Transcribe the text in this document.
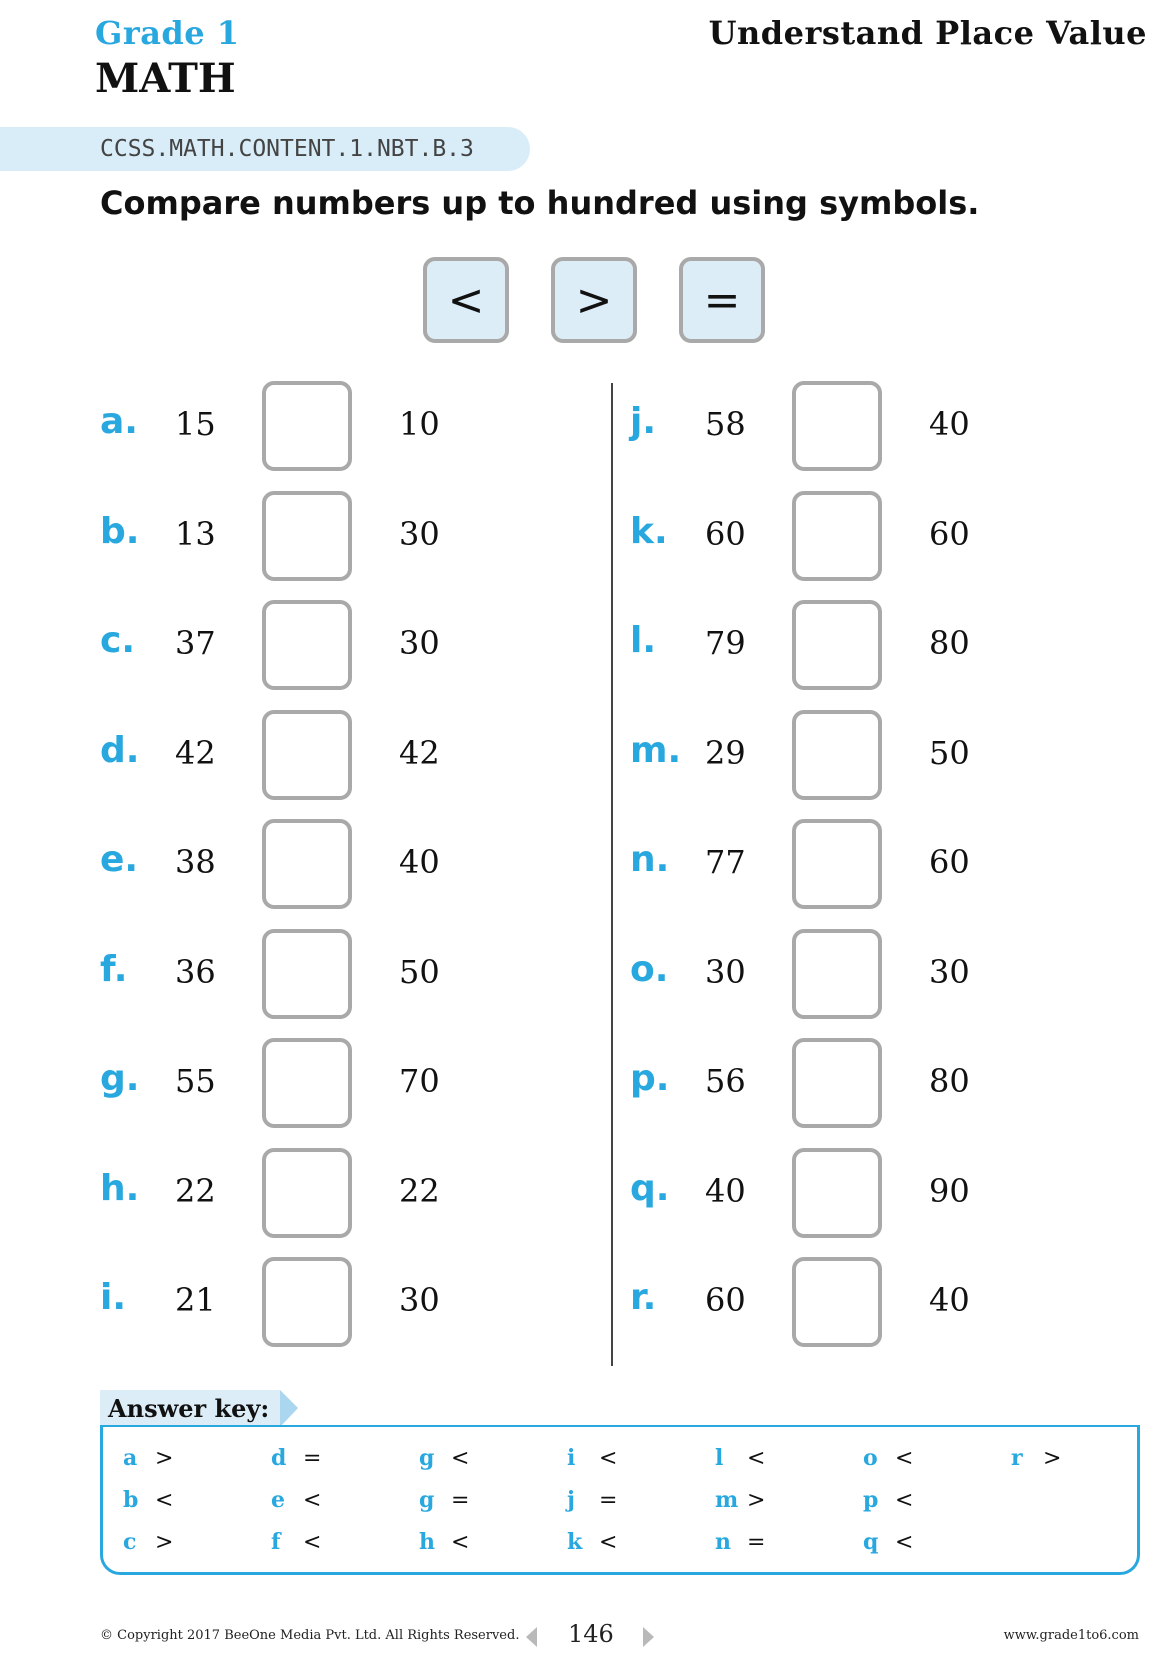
Grade 1
MATH
Understand Place Value
CCSS.MATH.CONTENT.1.NBT.B.3
Compare numbers up to hundred using symbols.
<	>	=
a. 15	10
b. 13	30
c. 37	30
d. 42	42
e. 38	40
f. 36	50
g. 55	70
h. 22	22
i. 21	30
j. 58	40
k. 60	60
l. 79	80
m. 29	50
n. 77	60
o. 30	30
p. 56	80
q. 40	90
r. 60	40
Answer key:
a >
b <
c >
d =
e <
f <
g <
g =
h <
i <
j =
k <
l <
m >
n =
o <
p <
q <
r >
© Copyright 2017 BeeOne Media Pvt. Ltd. All Rights Reserved. 146	www.grade1to6.com
